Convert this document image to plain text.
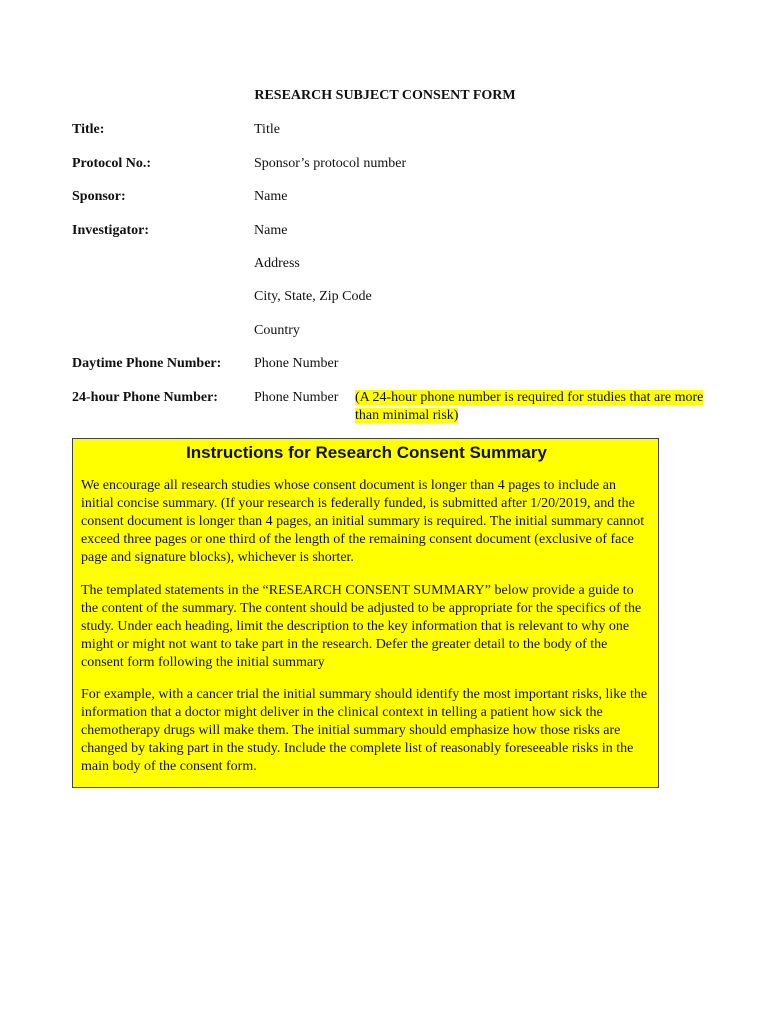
RESEARCH SUBJECT CONSENT FORM
Title:	Title
Protocol No.:	Sponsor’s protocol number
Sponsor:	Name
Investigator:	Name
Address
City, State, Zip Code
Country
Daytime Phone Number: Phone Number
24-hour Phone Number:	Phone Number (A 24-hour phone number is required for studies that are more than minimal risk)
Instructions for Research Consent Summary

We encourage all research studies whose consent document is longer than 4 pages to include an initial concise summary. (If your research is federally funded, is submitted after 1/20/2019, and the consent document is longer than 4 pages, an initial summary is required. The initial summary cannot exceed three pages or one third of the length of the remaining consent document (exclusive of face page and signature blocks), whichever is shorter.

The templated statements in the “RESEARCH CONSENT SUMMARY” below provide a guide to the content of the summary. The content should be adjusted to be appropriate for the specifics of the study. Under each heading, limit the description to the key information that is relevant to why one might or might not want to take part in the research. Defer the greater detail to the body of the consent form following the initial summary

For example, with a cancer trial the initial summary should identify the most important risks, like the information that a doctor might deliver in the clinical context in telling a patient how sick the chemotherapy drugs will make them. The initial summary should emphasize how those risks are changed by taking part in the study. Include the complete list of reasonably foreseeable risks in the main body of the consent form.
